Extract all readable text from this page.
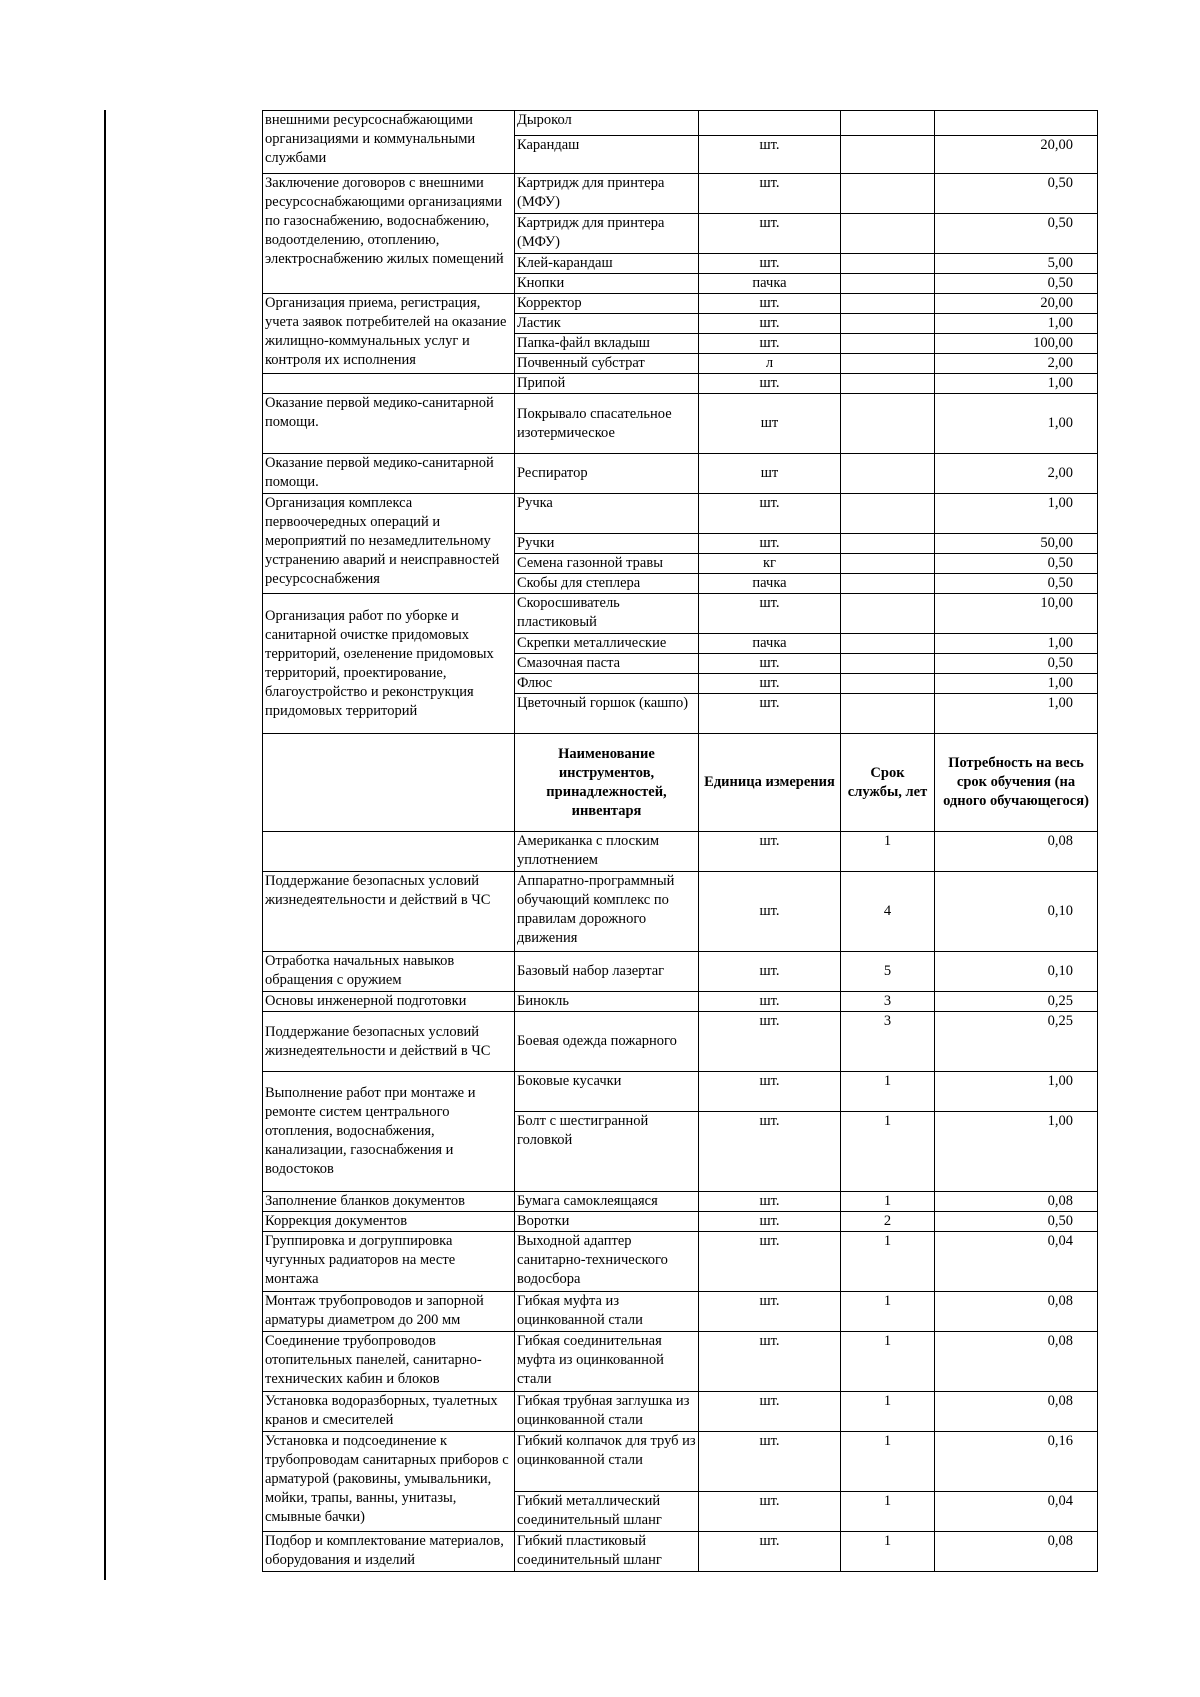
внешними ресурсоснабжающими организациями и коммунальными службами	Дырокол			
	Карандаш	шт.		20,00
Заключение договоров с внешними ресурсоснабжающими организациями по газоснабжению, водоснабжению, водоотделению, отоплению, электроснабжению жилых помещений	Картридж для принтера (МФУ)	шт.		0,50
	Картридж для принтера (МФУ)	шт.		0,50
	Клей-карандаш	шт.		5,00
	Кнопки	пачка		0,50
Организация приема, регистрация, учета заявок потребителей на оказание жилищно-коммунальных услуг и контроля их исполнения	Корректор	шт.		20,00
	Ластик	шт.		1,00
	Папка-файл вкладыш	шт.		100,00
	Почвенный субстрат	л		2,00
	Припой	шт.		1,00
Оказание первой медико-санитарной помощи.	Покрывало спасательное изотермическое	шт		1,00
Оказание первой медико-санитарной помощи.	Респиратор	шт		2,00
Организация комплекса первоочередных операций и мероприятий по незамедлительному устранению аварий и неисправностей ресурсоснабжения	Ручка	шт.		1,00
	Ручки	шт.		50,00
	Семена газонной травы	кг		0,50
	Скобы для степлера	пачка		0,50
Организация работ по уборке и санитарной очистке придомовых территорий, озеленение придомовых территорий, проектирование, благоустройство и реконструкция придомовых территорий	Скоросшиватель пластиковый	шт.		10,00
	Скрепки металлические	пачка		1,00
	Смазочная паста	шт.		0,50
	Флюс	шт.		1,00
	Цветочный горшок (кашпо)	шт.		1,00
	Наименование инструментов, принадлежностей, инвентаря	Единица измерения	Срок службы, лет	Потребность на весь срок обучения (на одного обучающегося)
	Американка с плоским уплотнением	шт.	1	0,08
Поддержание безопасных условий жизнедеятельности и действий в ЧС	Аппаратно-программный обучающий комплекс по правилам дорожного движения	шт.	4	0,10
Отработка начальных навыков обращения с оружием	Базовый набор лазертаг	шт.	5	0,10
Основы инженерной подготовки	Бинокль	шт.	3	0,25
Поддержание безопасных условий жизнедеятельности и действий в ЧС	Боевая одежда пожарного	шт.	3	0,25
Выполнение работ при монтаже и ремонте систем центрального отопления, водоснабжения, канализации, газоснабжения и водостоков	Боковые кусачки	шт.	1	1,00
	Болт с шестигранной головкой	шт.	1	1,00
Заполнение бланков документов	Бумага самоклеящаяся	шт.	1	0,08
Коррекция документов	Воротки	шт.	2	0,50
Группировка и догруппировка чугунных радиаторов на месте монтажа	Выходной адаптер санитарно-технического водосбора	шт.	1	0,04
Монтаж трубопроводов и запорной арматуры диаметром до 200 мм	Гибкая муфта из оцинкованной стали	шт.	1	0,08
Соединение трубопроводов отопительных панелей, санитарно-технических кабин и блоков	Гибкая соединительная муфта из оцинкованной стали	шт.	1	0,08
Установка водоразборных, туалетных кранов и смесителей	Гибкая трубная заглушка из оцинкованной стали	шт.	1	0,08
Установка и подсоединение к трубопроводам санитарных приборов с арматурой (раковины, умывальники, мойки, трапы, ванны, унитазы, смывные бачки)	Гибкий колпачок для труб из оцинкованной стали	шт.	1	0,16
	Гибкий металлический соединительный шланг	шт.	1	0,04
Подбор и комплектование материалов, оборудования и изделий	Гибкий пластиковый соединительный шланг	шт.	1	0,08
